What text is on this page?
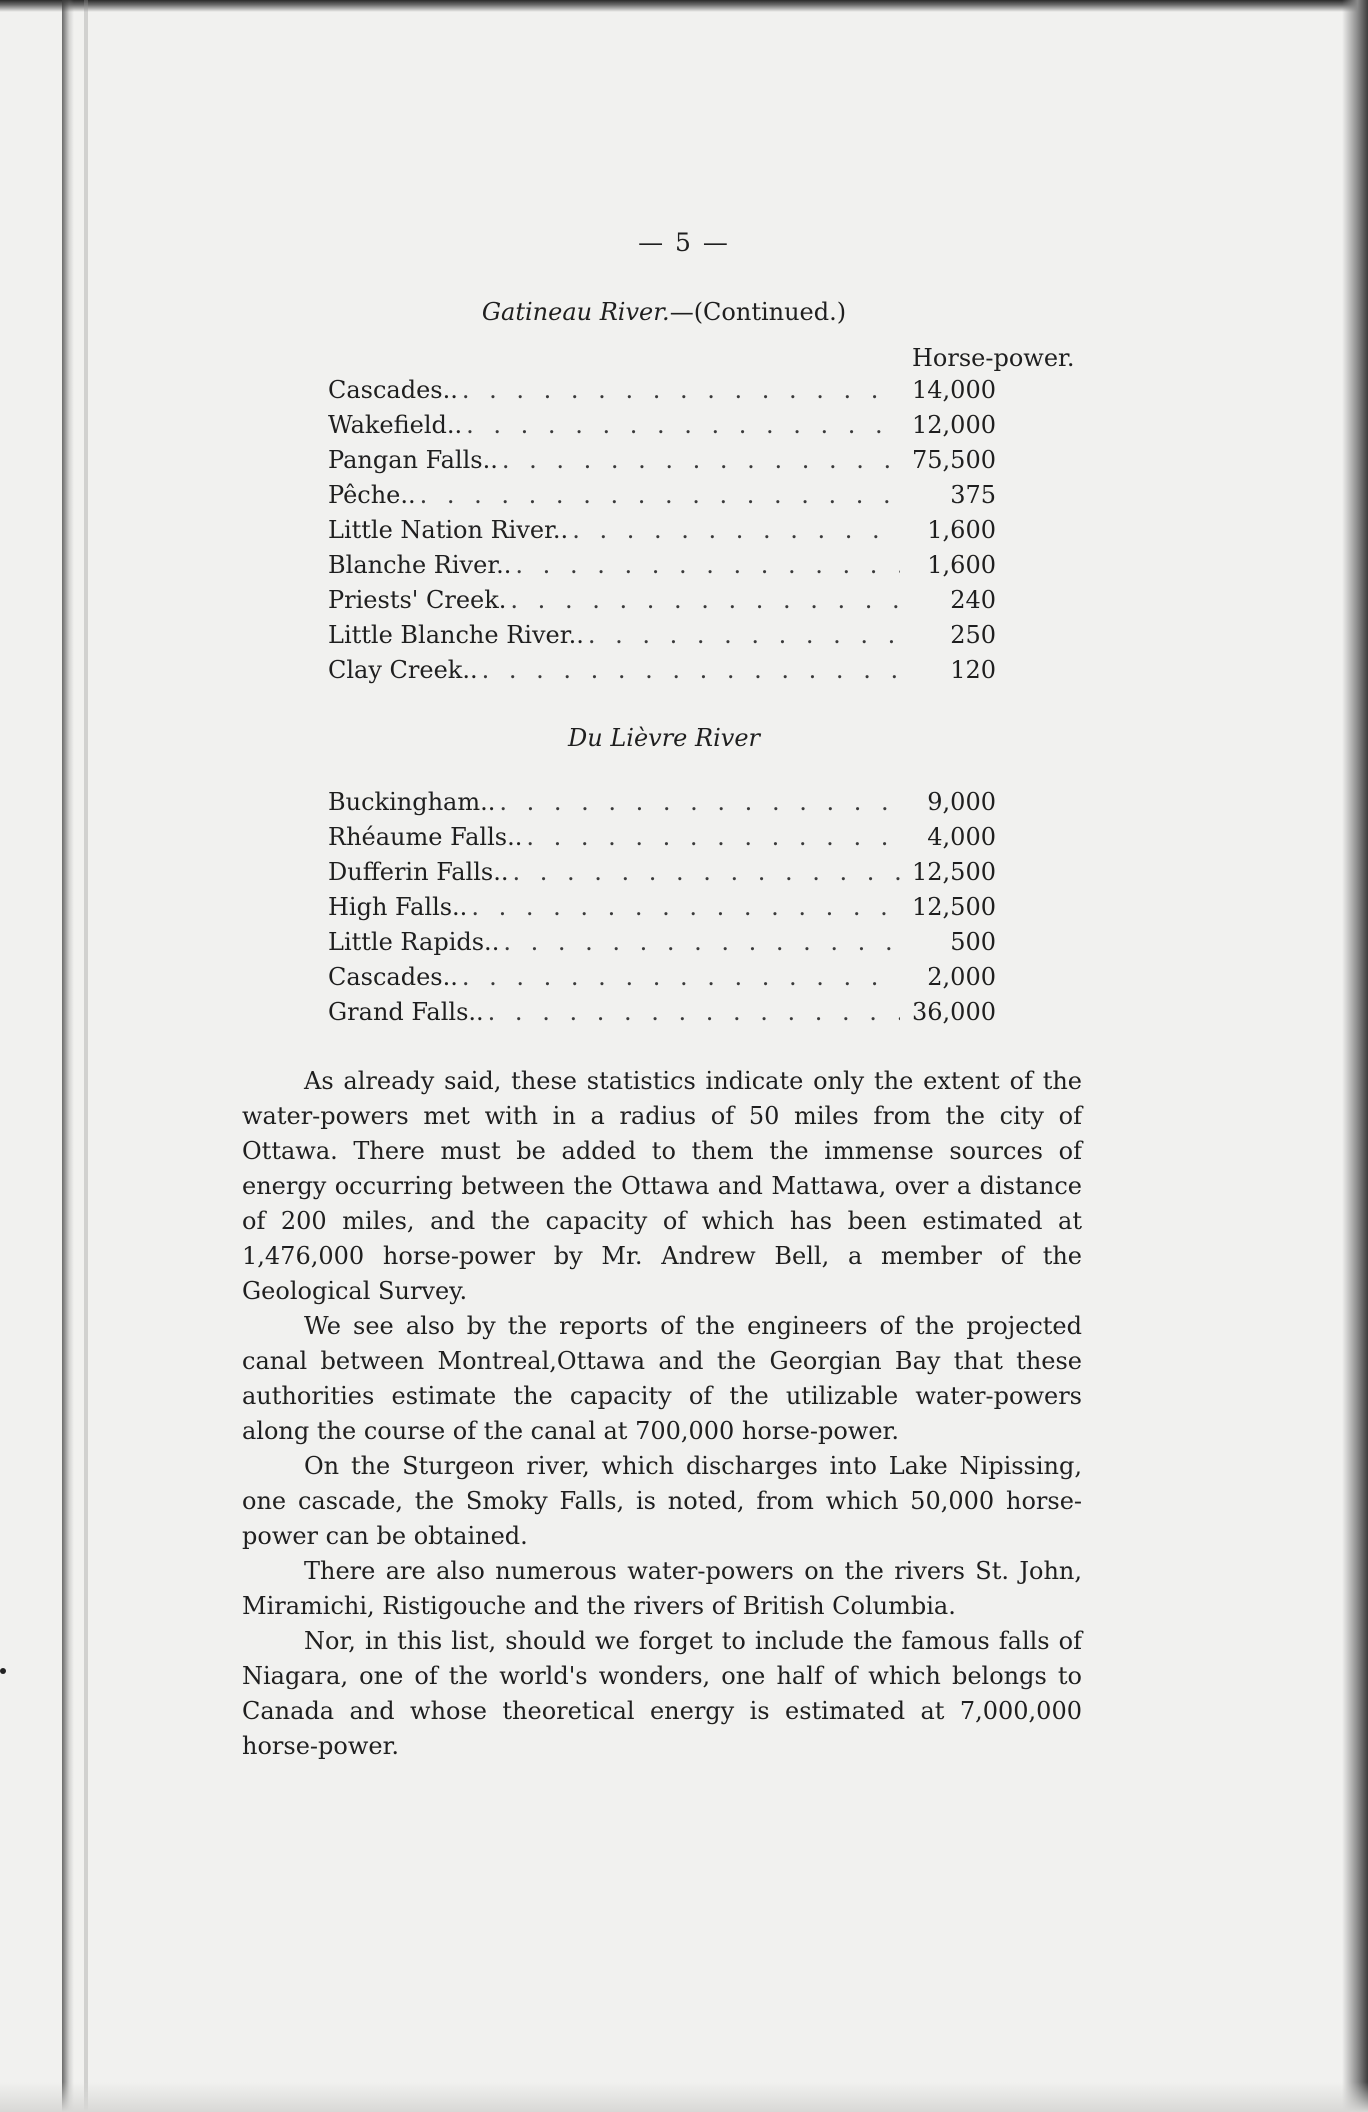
— 5 —
Gatineau River.—(Continued.)
Horse-power.
Cascades.. . . .	14,000
Wakefield.. . . .	12,000
Pangan Falls.. . . .	75,500
Pêche.. . . .	375
Little Nation River.. . . .	1,600
Blanche River.. . . .	1,600
Priests' Creek. . . .	240
Little Blanche River.. . . .	250
Clay Creek.. . . .	120
Du Lièvre River
Buckingham.. . . .	9,000
Rhéaume Falls.. . . .	4,000
Dufferin Falls.. . . .	12,500
High Falls.. . . .	12,500
Little Rapids.. . . .	500
Cascades.. . . .	2,000
Grand Falls.. . . .	36,000

As already said, these statistics indicate only the extent of the water-powers met with in a radius of 50 miles from the city of Ottawa. There must be added to them the immense sources of energy occurring between the Ottawa and Mattawa, over a distance of 200 miles, and the capacity of which has been estimated at 1,476,000 horse-power by Mr. Andrew Bell, a member of the Geological Survey.

We see also by the reports of the engineers of the projected canal between Montreal,Ottawa and the Georgian Bay that these authorities estimate the capacity of the utilizable water-powers along the course of the canal at 700,000 horse-power.

On the Sturgeon river, which discharges into Lake Nipissing, one cascade, the Smoky Falls, is noted, from which 50,000 horse-power can be obtained.

There are also numerous water-powers on the rivers St. John, Miramichi, Ristigouche and the rivers of British Columbia.

Nor, in this list, should we forget to include the famous falls of Niagara, one of the world's wonders, one half of which belongs to Canada and whose theoretical energy is estimated at 7,000,000 horse-power.
